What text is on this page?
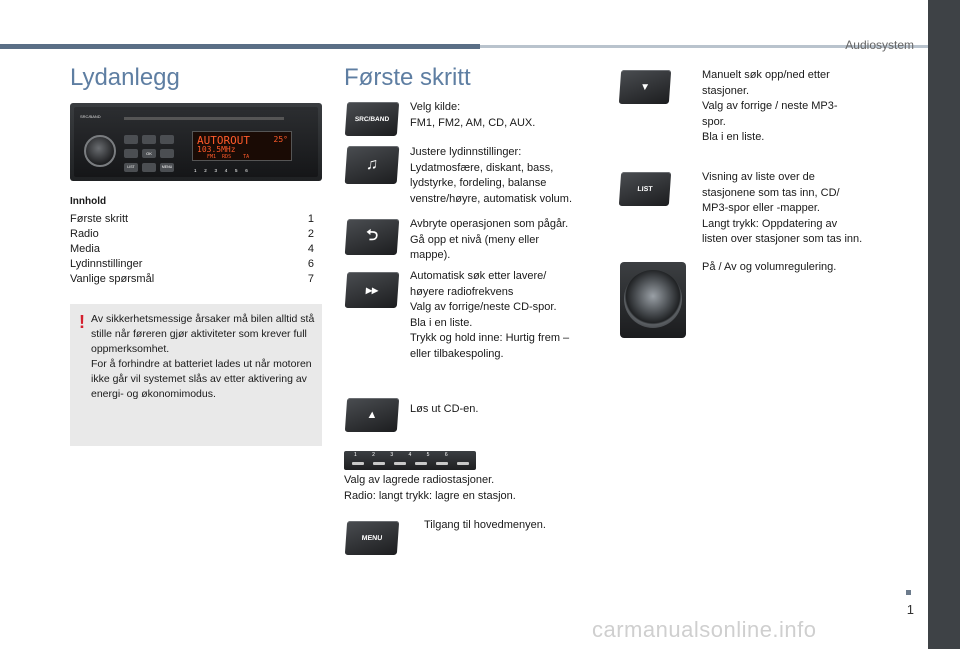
Audiosystem
1
carmanualsonline.info
Lydanlegg
SRC/BAND
OK
LIST	MENU
AUTOROUT	25°
103.5MHz
FM1  RDS    TA
1   2   3   4   5   6
Innhold
Første skritt	1
Radio	2
Media	4
Lydinnstillinger	6
Vanlige spørsmål	7
! Av sikkerhetsmessige årsaker må bilen alltid stå stille når føreren gjør aktiviteter som krever full oppmerksomhet.
For å forhindre at batteriet lades ut når motoren ikke går vil systemet slås av etter aktivering av energi- og økonomimodus.
Første skritt
SRC/BAND
Velg kilde:
FM1, FM2, AM, CD, AUX.
♫
Justere lydinnstillinger:
Lydatmosfære, diskant, bass,
lydstyrke, fordeling, balanse
venstre/høyre, automatisk volum.
⮌
Avbryte operasjonen som pågår.
Gå opp et nivå (meny eller
mappe).
▸▸
Automatisk søk etter lavere/
høyere radiofrekvens
Valg av forrige/neste CD-spor.
Bla i en liste.
Trykk og hold inne: Hurtig frem –
eller tilbakespoling.
▲	Løs ut CD-en.
1 2 3 4 5 6
Valg av lagrede radiostasjoner.
Radio: langt trykk: lagre en stasjon.
MENU
Tilgang til hovedmenyen.
▼
Manuelt søk opp/ned etter
stasjoner.
Valg av forrige / neste MP3-
spor.
Bla i en liste.
LIST
Visning av liste over de
stasjonene som tas inn, CD/
MP3-spor eller -mapper.
Langt trykk: Oppdatering av
listen over stasjoner som tas inn.
På / Av og volumregulering.
